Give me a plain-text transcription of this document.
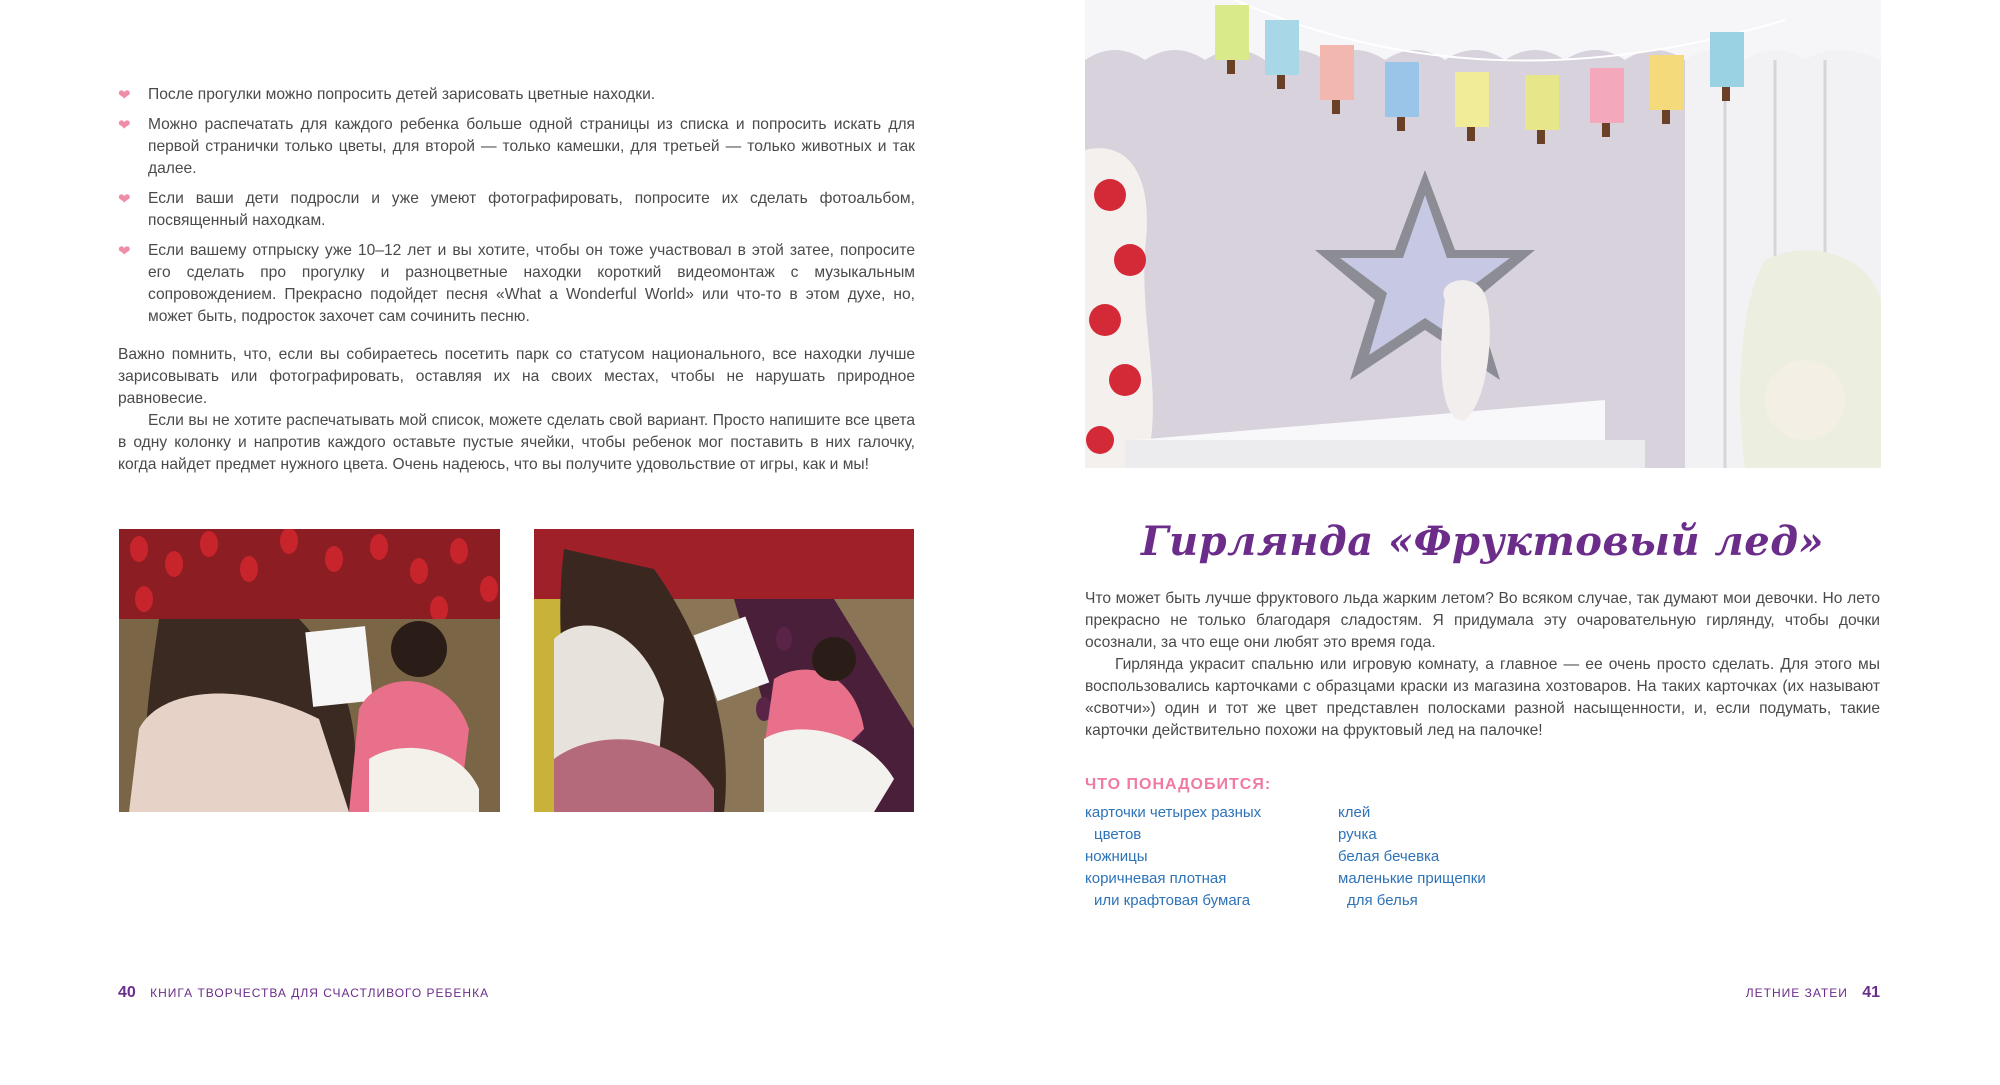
❤ После прогулки можно попросить детей зарисовать цветные находки.
❤ Можно распечатать для каждого ребенка больше одной страницы из списка и попросить искать для первой странички только цветы, для второй — только камешки, для третьей — только животных и так далее.
❤ Если ваши дети подросли и уже умеют фотографировать, попросите их сделать фотоальбом, посвященный находкам.
❤ Если вашему отпрыску уже 10–12 лет и вы хотите, чтобы он тоже участвовал в этой затее, попросите его сделать про прогулку и разноцветные находки короткий видеомонтаж с музыкальным сопровождением. Прекрасно подойдет песня «What a Wonderful World» или что-то в этом духе, но, может быть, подросток захочет сам сочинить песню.

Важно помнить, что, если вы собираетесь посетить парк со статусом национального, все находки лучше зарисовывать или фотографировать, оставляя их на своих местах, чтобы не нарушать природное равновесие.

Если вы не хотите распечатывать мой список, можете сделать свой вариант. Просто напишите все цвета в одну колонку и напротив каждого оставьте пустые ячейки, чтобы ребенок мог поставить в них галочку, когда найдет предмет нужного цвета. Очень надеюсь, что вы получите удовольствие от игры, как и мы!

40 КНИГА ТВОРЧЕСТВА ДЛЯ СЧАСТЛИВОГО РЕБЕНКА
Гирлянда «Фруктовый лед»

Что может быть лучше фруктового льда жарким летом? Во всяком случае, так думают мои девочки. Но лето прекрасно не только благодаря сладостям. Я придумала эту очаровательную гирлянду, чтобы дочки осознали, за что еще они любят это время года.

Гирлянда украсит спальню или игровую комнату, а главное — ее очень просто сделать. Для этого мы воспользовались карточками с образцами краски из магазина хозтоваров. На таких карточках (их называют «свотчи») один и тот же цвет представлен полосками разной насыщенности, и, если подумать, такие карточки действительно похожи на фруктовый лед на палочке!

ЧТО ПОНАДОБИТСЯ:
карточки четырех разных
цветов
ножницы
коричневая плотная
или крафтовая бумага
клей
ручка
белая бечевка
маленькие прищепки
для белья
ЛЕТНИЕ ЗАТЕИ 41
